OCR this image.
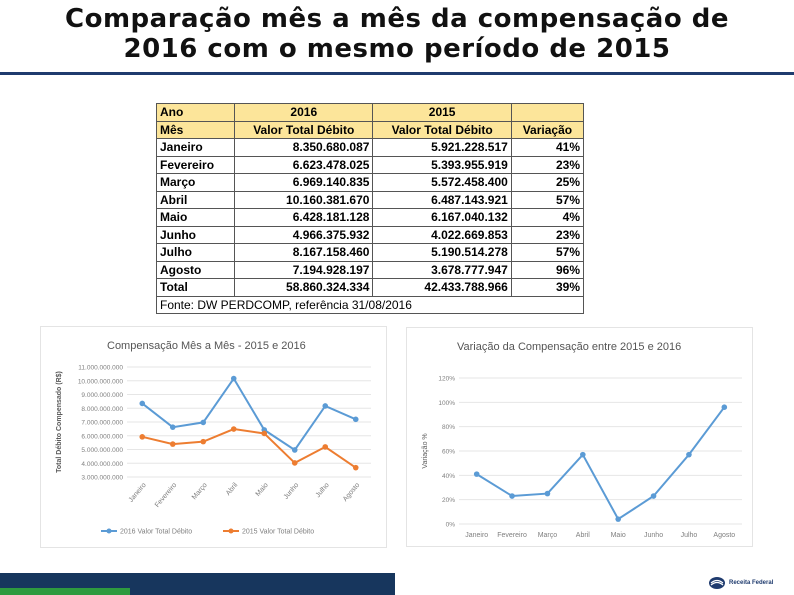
Comparação mês a mês da compensação de
2016 com o mesmo período de 2015
Ano	2016	2015	
Mês	Valor Total Débito	Valor Total Débito	Variação
Janeiro	8.350.680.087	5.921.228.517	41%
Fevereiro	6.623.478.025	5.393.955.919	23%
Março	6.969.140.835	5.572.458.400	25%
Abril	10.160.381.670	6.487.143.921	57%
Maio	6.428.181.128	6.167.040.132	4%
Junho	4.966.375.932	4.022.669.853	23%
Julho	8.167.158.460	5.190.514.278	57%
Agosto	7.194.928.197	3.678.777.947	96%
Total	58.860.324.334	42.433.788.966	39%
Fonte: DW PERDCOMP, referência 31/08/2016			
Compensação Mês a Mês - 2015 e 2016
Total Débito Compensado (R$)
3.000.000.000
4.000.000.000
5.000.000.000
6.000.000.000
7.000.000.000
8.000.000.000
9.000.000.000
10.000.000.000
11.000.000.000
Janeiro Fevereiro Março Abril Maio Junho Julho Agosto
2016 Valor Total Débito	2015 Valor Total Débito
Variação da Compensação entre 2015 e 2016
Variação %
0%
20%
40%
60%
80%
100%
120%
Janeiro Fevereiro Março	Abril	Maio	Junho Julho Agosto
Receita Federal
